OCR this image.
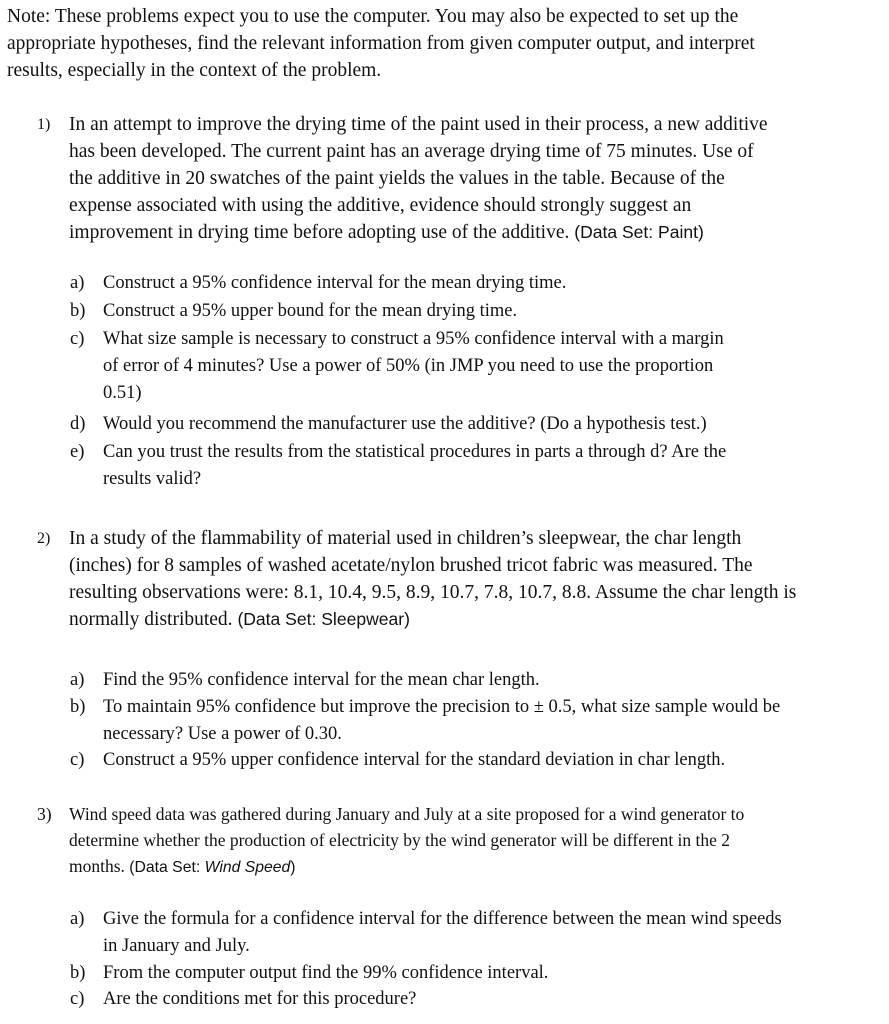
Note: These problems expect you to use the computer. You may also be expected to set up the
appropriate hypotheses, find the relevant information from given computer output, and interpret
results, especially in the context of the problem.
1) In an attempt to improve the drying time of the paint used in their process, a new additive
has been developed. The current paint has an average drying time of 75 minutes. Use of
the additive in 20 swatches of the paint yields the values in the table. Because of the
expense associated with using the additive, evidence should strongly suggest an
improvement in drying time before adopting use of the additive. (Data Set: Paint)
a) Construct a 95% confidence interval for the mean drying time.
b) Construct a 95% upper bound for the mean drying time.
c) What size sample is necessary to construct a 95% confidence interval with a margin
of error of 4 minutes? Use a power of 50% (in JMP you need to use the proportion
0.51)
d) Would you recommend the manufacturer use the additive? (Do a hypothesis test.)
e) Can you trust the results from the statistical procedures in parts a through d? Are the
results valid?
2) In a study of the flammability of material used in children’s sleepwear, the char length
(inches) for 8 samples of washed acetate/nylon brushed tricot fabric was measured. The
resulting observations were: 8.1, 10.4, 9.5, 8.9, 10.7, 7.8, 10.7, 8.8. Assume the char length is
normally distributed. (Data Set: Sleepwear)
a) Find the 95% confidence interval for the mean char length.
b) To maintain 95% confidence but improve the precision to ± 0.5, what size sample would be
necessary? Use a power of 0.30.
c) Construct a 95% upper confidence interval for the standard deviation in char length.
3) Wind speed data was gathered during January and July at a site proposed for a wind generator to
determine whether the production of electricity by the wind generator will be different in the 2
months. (Data Set: Wind Speed)
a) Give the formula for a confidence interval for the difference between the mean wind speeds
in January and July.
b) From the computer output find the 99% confidence interval.
c) Are the conditions met for this procedure?
